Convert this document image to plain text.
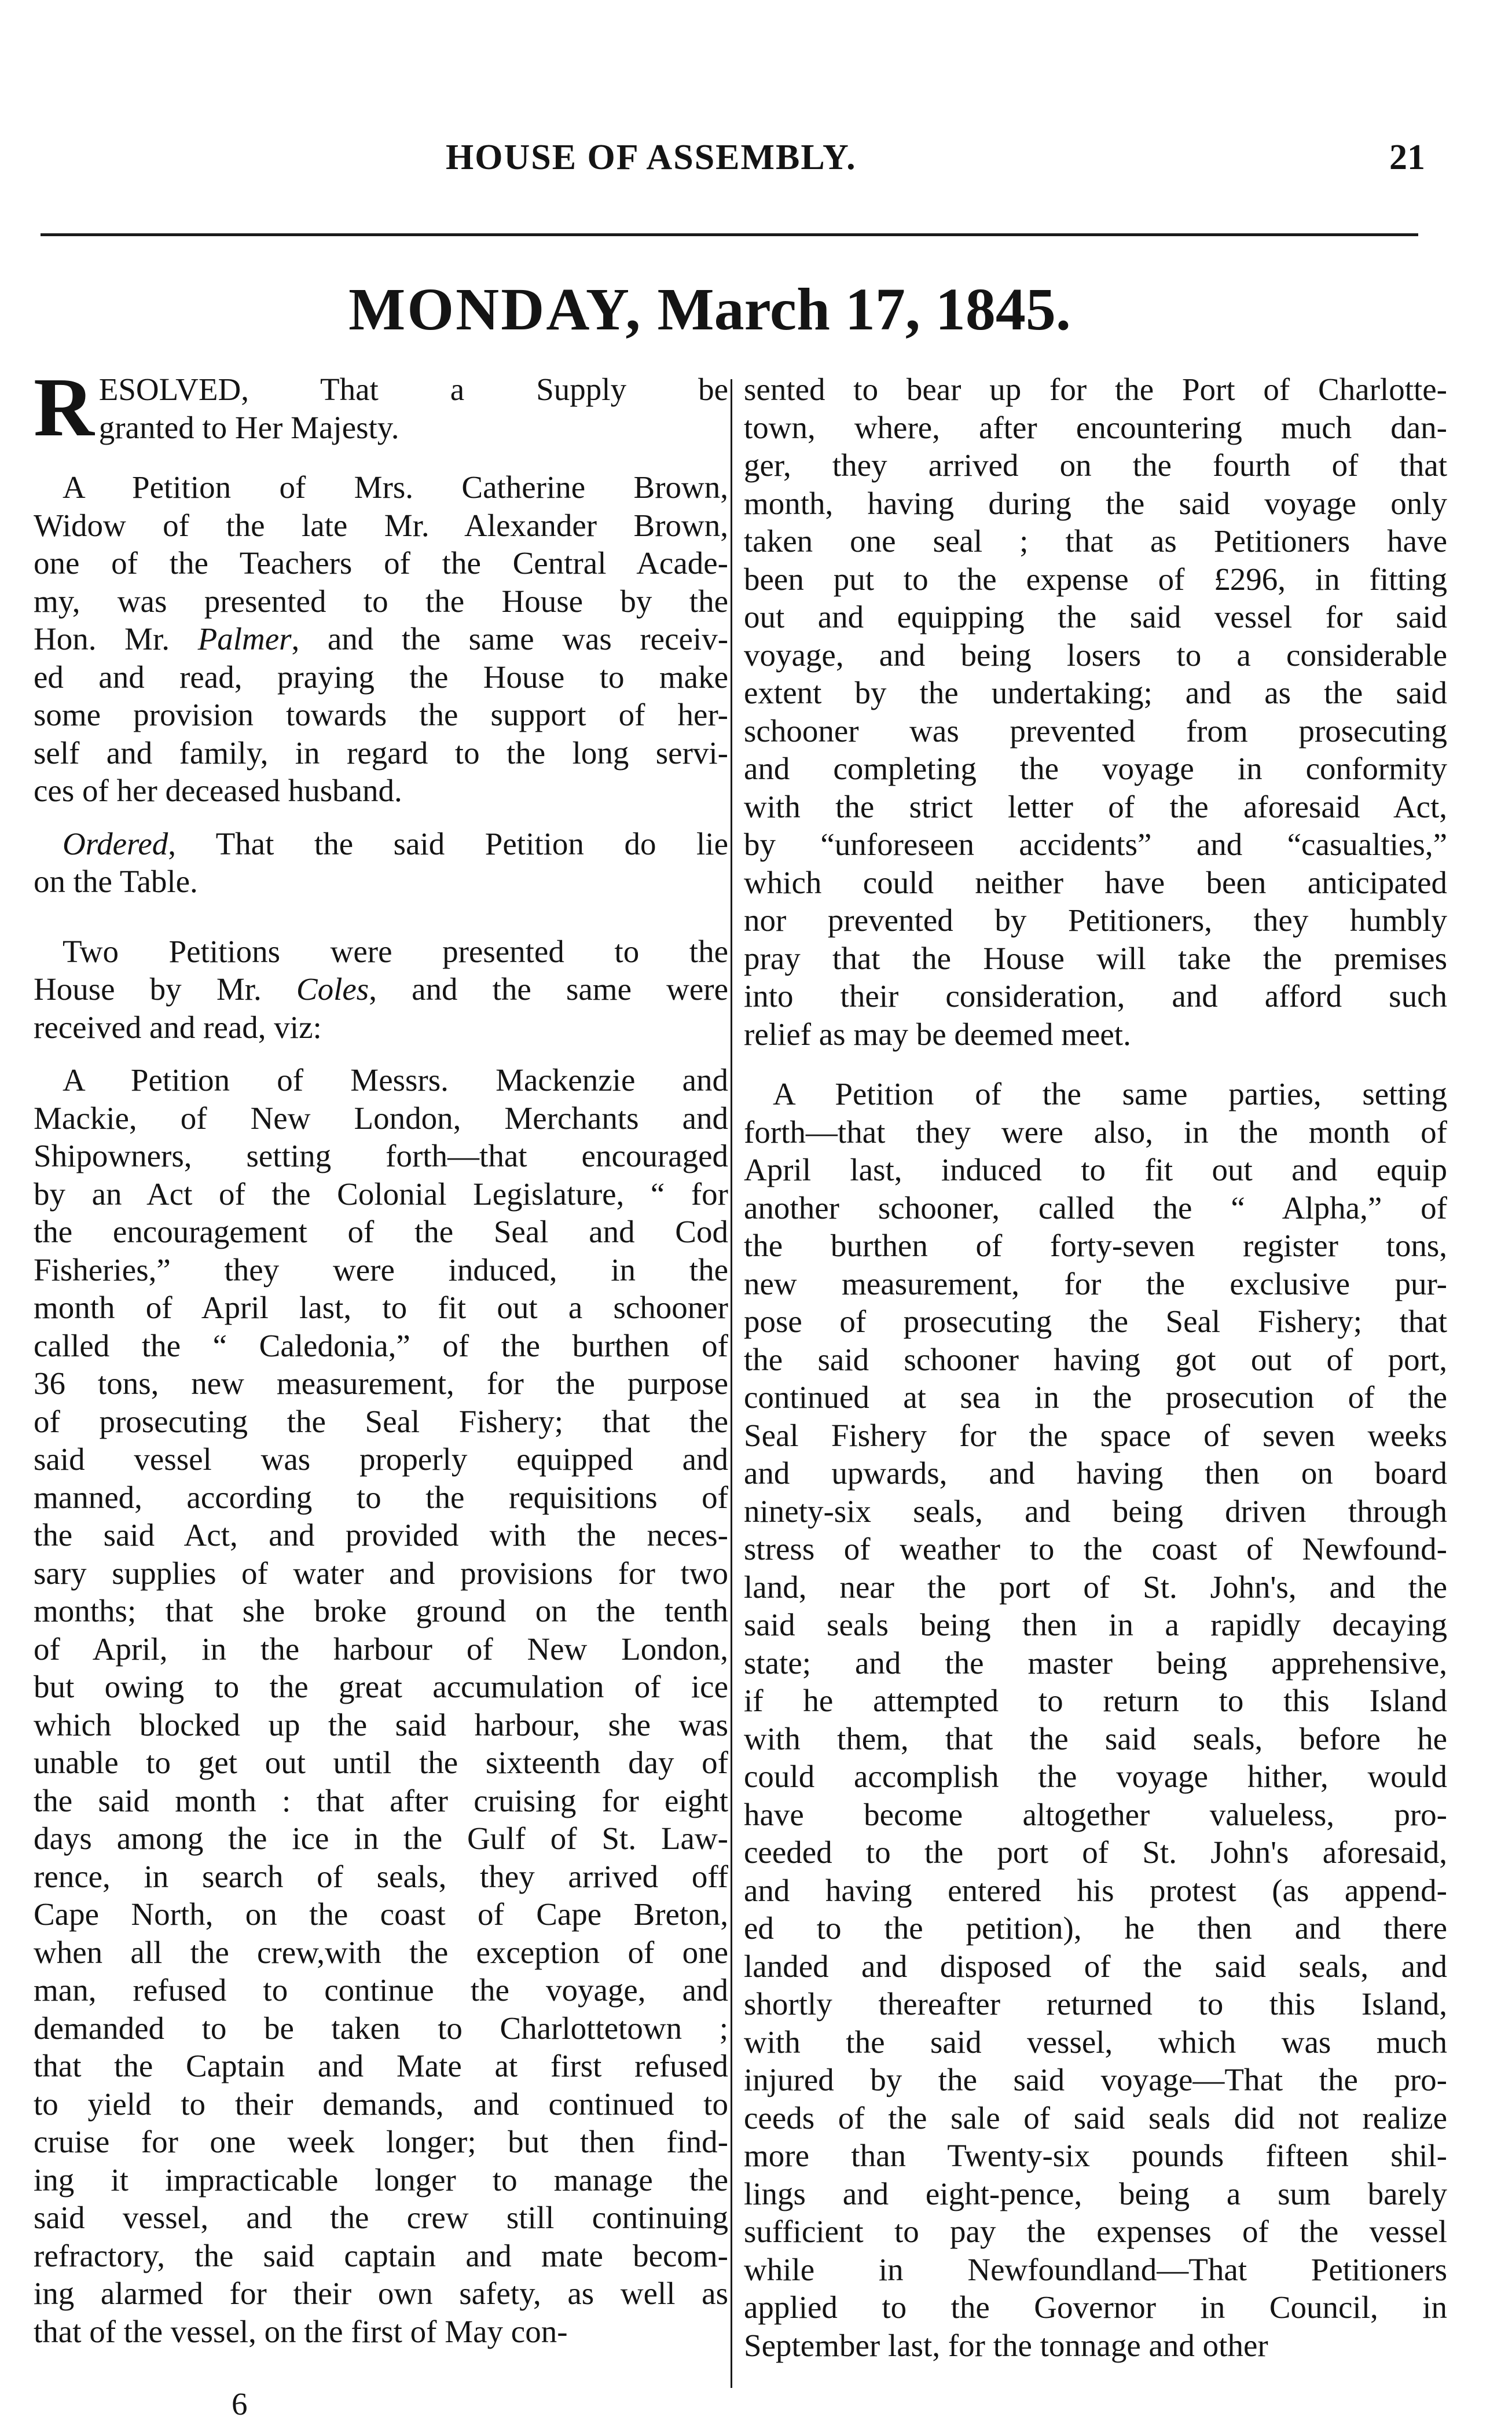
HOUSE OF ASSEMBLY.	21
MONDAY, March 17, 1845.
R ESOLVED, That a Supply be
granted to Her Majesty.

A Petition of Mrs. Catherine Brown,
Widow of the late Mr. Alexander Brown,
one of the Teachers of the Central Acade-
my, was presented to the House by the
Hon. Mr. Palmer, and the same was receiv-
ed and read, praying the House to make
some provision towards the support of her-
self and family, in regard to the long servi-
ces of her deceased husband.

Ordered, That the said Petition do lie
on the Table.

Two Petitions were presented to the
House by Mr. Coles, and the same were
received and read, viz:

A Petition of Messrs. Mackenzie and
Mackie, of New London, Merchants and
Shipowners, setting forth—that encouraged
by an Act of the Colonial Legislature, “ for
the encouragement of the Seal and Cod
Fisheries,” they were induced, in the
month of April last, to fit out a schooner
called the “ Caledonia,” of the burthen of
36 tons, new measurement, for the purpose
of prosecuting the Seal Fishery; that the
said vessel was properly equipped and
manned, according to the requisitions of
the said Act, and provided with the neces-
sary supplies of water and provisions for two
months; that she broke ground on the tenth
of April, in the harbour of New London,
but owing to the great accumulation of ice
which blocked up the said harbour, she was
unable to get out until the sixteenth day of
the said month : that after cruising for eight
days among the ice in the Gulf of St. Law-
rence, in search of seals, they arrived off
Cape North, on the coast of Cape Breton,
when all the crew,with the exception of one
man, refused to continue the voyage, and
demanded to be taken to Charlottetown ;
that the Captain and Mate at first refused
to yield to their demands, and continued to
cruise for one week longer; but then find-
ing it impracticable longer to manage the
said vessel, and the crew still continuing
refractory, the said captain and mate becom-
ing alarmed for their own safety, as well as
that of the vessel, on the first of May con-

sented to bear up for the Port of Charlotte-
town, where, after encountering much dan-
ger, they arrived on the fourth of that
month, having during the said voyage only
taken one seal ; that as Petitioners have
been put to the expense of £296, in fitting
out and equipping the said vessel for said
voyage, and being losers to a considerable
extent by the undertaking; and as the said
schooner was prevented from prosecuting
and completing the voyage in conformity
with the strict letter of the aforesaid Act,
by “unforeseen accidents” and “casualties,”
which could neither have been anticipated
nor prevented by Petitioners, they humbly
pray that the House will take the premises
into their consideration, and afford such
relief as may be deemed meet.

A Petition of the same parties, setting
forth—that they were also, in the month of
April last, induced to fit out and equip
another schooner, called the “ Alpha,” of
the burthen of forty-seven register tons,
new measurement, for the exclusive pur-
pose of prosecuting the Seal Fishery; that
the said schooner having got out of port,
continued at sea in the prosecution of the
Seal Fishery for the space of seven weeks
and upwards, and having then on board
ninety-six seals, and being driven through
stress of weather to the coast of Newfound-
land, near the port of St. John's, and the
said seals being then in a rapidly decaying
state; and the master being apprehensive,
if he attempted to return to this Island
with them, that the said seals, before he
could accomplish the voyage hither, would
have become altogether valueless, pro-
ceeded to the port of St. John's aforesaid,
and having entered his protest (as append-
ed to the petition), he then and there
landed and disposed of the said seals, and
shortly thereafter returned to this Island,
with the said vessel, which was much
injured by the said voyage—That the pro-
ceeds of the sale of said seals did not realize
more than Twenty-six pounds fifteen shil-
lings and eight-pence, being a sum barely
sufficient to pay the expenses of the vessel
while in Newfoundland—That Petitioners
applied to the Governor in Council, in
September last, for the tonnage and other

6
